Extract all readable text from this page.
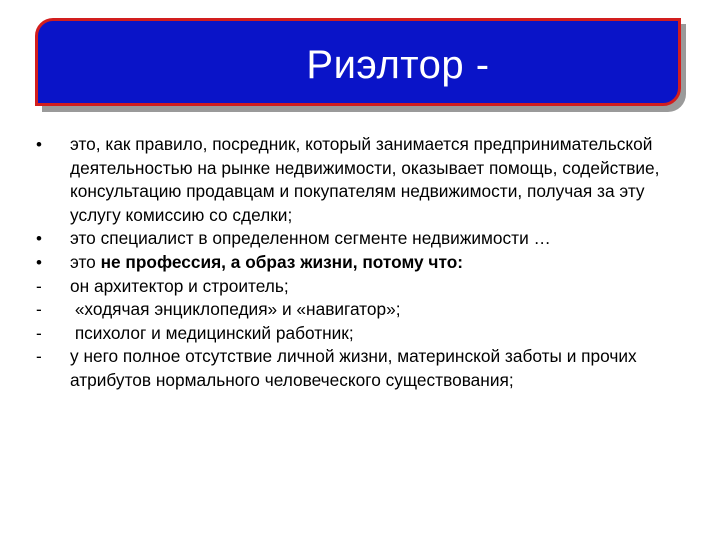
Риэлтор -
•	это, как правило, посредник, который занимается предпринимательской деятельностью на рынке недвижимости, оказывает помощь, содействие, консультацию продавцам и покупателям недвижимости, получая за эту услугу комиссию со сделки;
•	это специалист в определенном сегменте недвижимости …
•	это не профессия, а образ жизни, потому что:
-	он архитектор и строитель;
-	«ходячая энциклопедия» и «навигатор»;
-	психолог и медицинский работник;
-	у него полное отсутствие личной жизни, материнской заботы и прочих атрибутов нормального человеческого существования;
